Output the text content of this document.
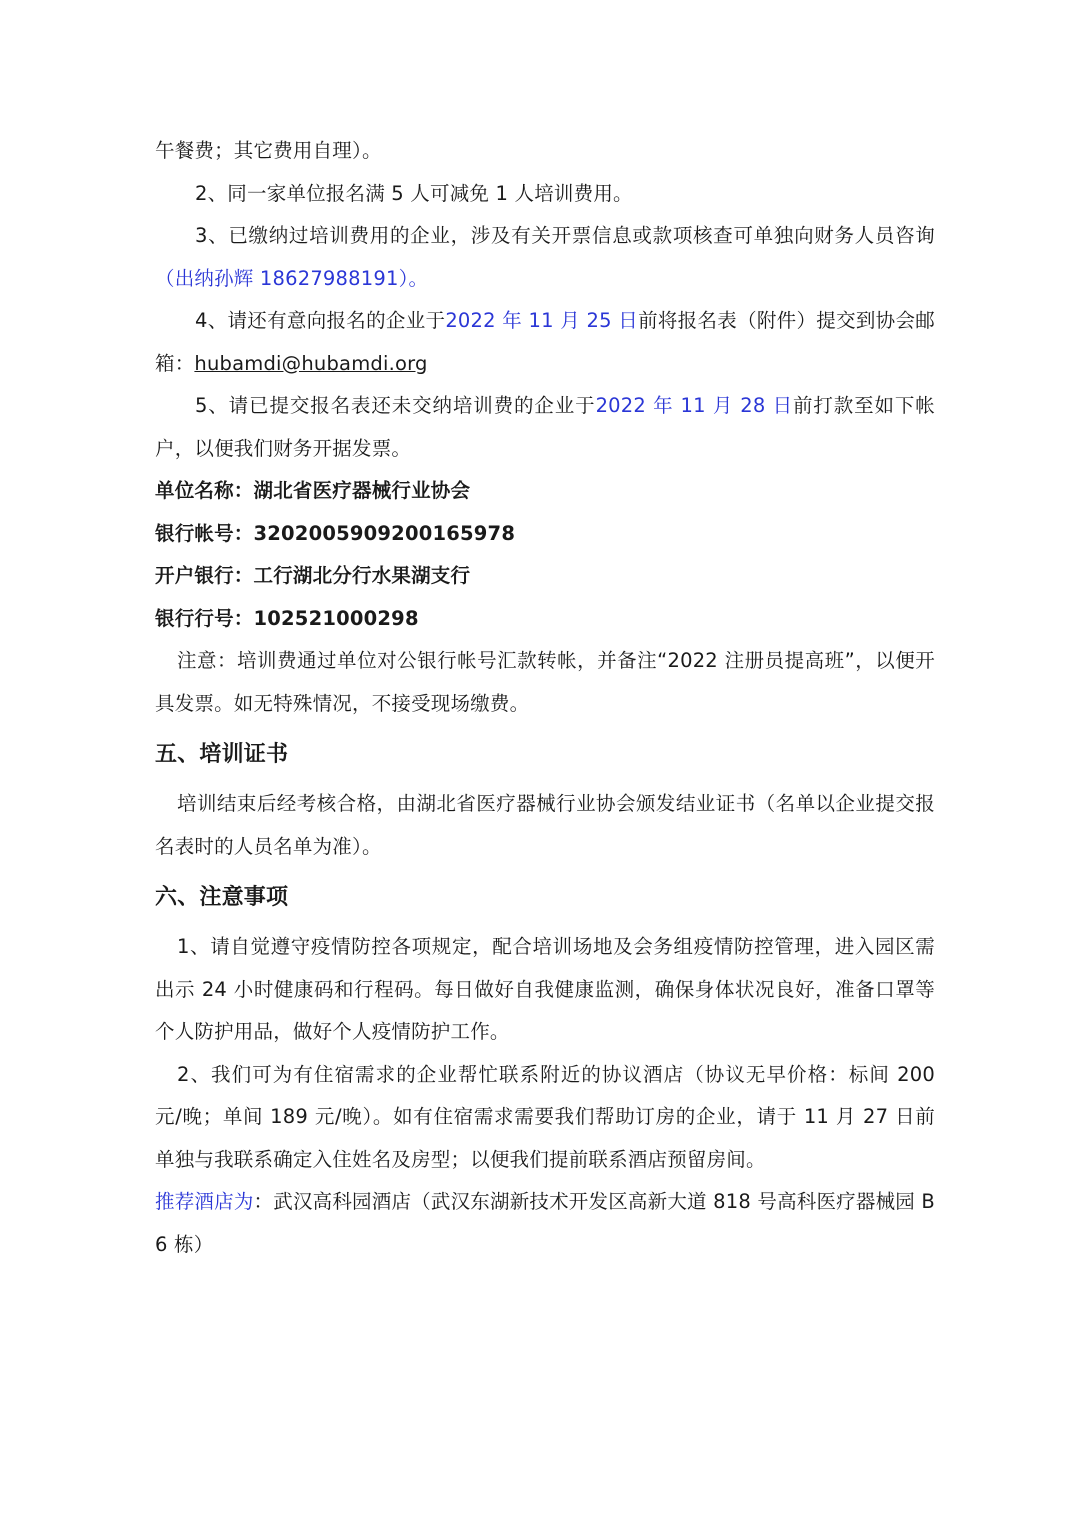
午餐费；其它费用自理）。

2、同一家单位报名满 5 人可减免 1 人培训费用。

3、已缴纳过培训费用的企业，涉及有关开票信息或款项核查可单独向财务人员咨询（出纳孙辉 18627988191）。

4、请还有意向报名的企业于2022 年 11 月 25 日前将报名表（附件）提交到协会邮箱：hubamdi@hubamdi.org

5、请已提交报名表还未交纳培训费的企业于2022 年 11 月 28 日前打款至如下帐户，以便我们财务开据发票。

单位名称：湖北省医疗器械行业协会

银行帐号：3202005909200165978

开户银行：工行湖北分行水果湖支行

银行行号：102521000298

注意：培训费通过单位对公银行帐号汇款转帐，并备注“2022 注册员提高班”，以便开具发票。如无特殊情况，不接受现场缴费。

五、培训证书

培训结束后经考核合格，由湖北省医疗器械行业协会颁发结业证书（名单以企业提交报名表时的人员名单为准）。

六、注意事项

1、请自觉遵守疫情防控各项规定，配合培训场地及会务组疫情防控管理，进入园区需出示 24 小时健康码和行程码。每日做好自我健康监测，确保身体状况良好，准备口罩等个人防护用品，做好个人疫情防护工作。

2、我们可为有住宿需求的企业帮忙联系附近的协议酒店（协议无早价格：标间 200 元/晚；单间 189 元/晚）。如有住宿需求需要我们帮助订房的企业，请于 11 月 27 日前单独与我联系确定入住姓名及房型；以便我们提前联系酒店预留房间。

推荐酒店为：武汉高科园酒店（武汉东湖新技术开发区高新大道 818 号高科医疗器械园 B 6 栋）
